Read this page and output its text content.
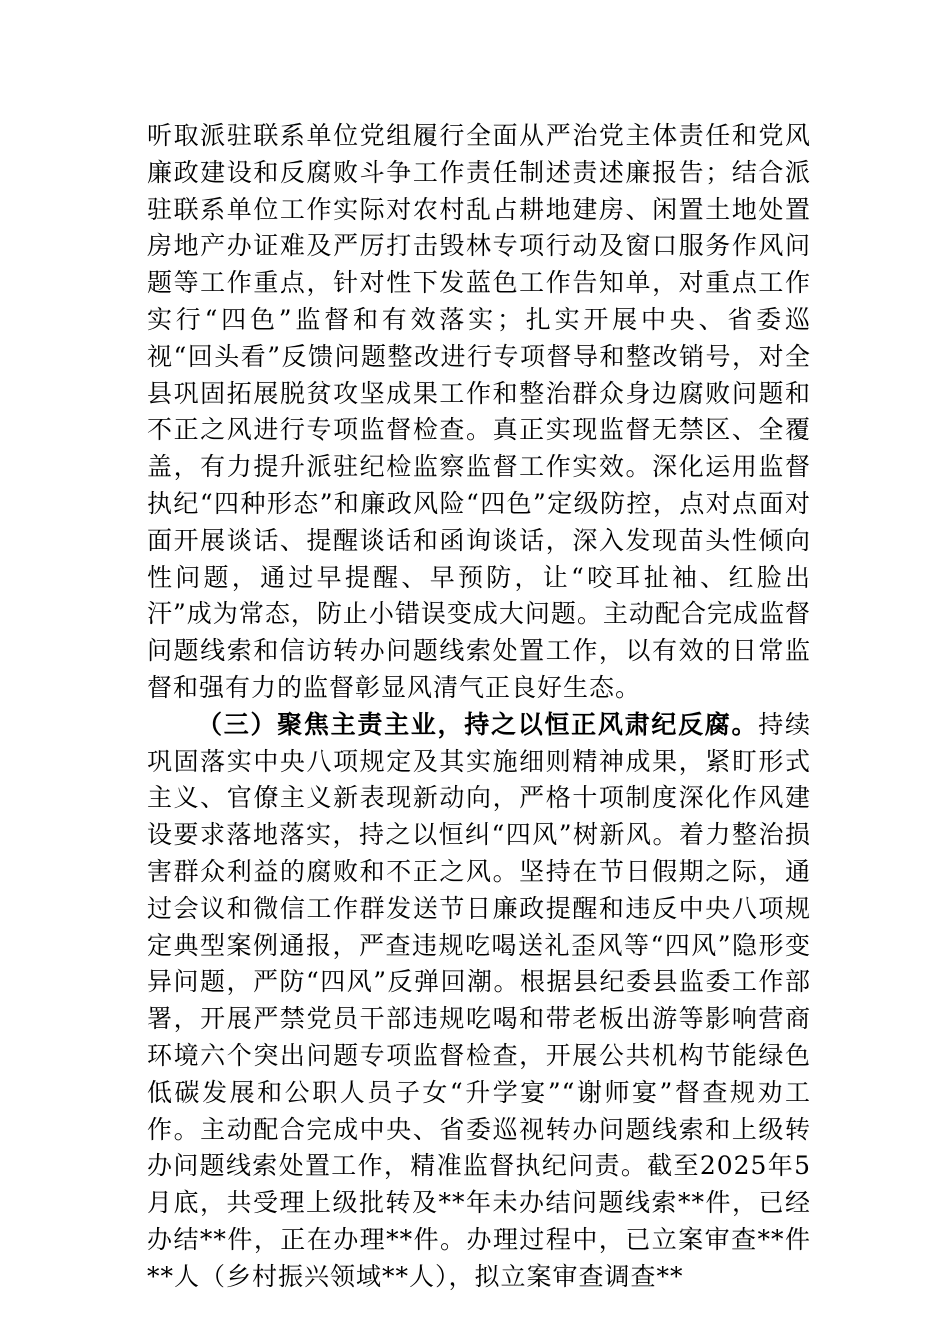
听取派驻联系单位党组履行全面从严治党主体责任和党风廉政建设和反腐败斗争工作责任制述责述廉报告；结合派驻联系单位工作实际对农村乱占耕地建房、闲置土地处置房地产办证难及严厉打击毁林专项行动及窗口服务作风问题等工作重点，针对性下发蓝色工作告知单，对重点工作实行“四色”监督和有效落实；扎实开展中央、省委巡视“回头看”反馈问题整改进行专项督导和整改销号，对全县巩固拓展脱贫攻坚成果工作和整治群众身边腐败问题和不正之风进行专项监督检查。真正实现监督无禁区、全覆盖，有力提升派驻纪检监察监督工作实效。深化运用监督执纪“四种形态”和廉政风险“四色”定级防控，点对点面对面开展谈话、提醒谈话和函询谈话，深入发现苗头性倾向性问题，通过早提醒、早预防，让“咬耳扯袖、红脸出汗”成为常态，防止小错误变成大问题。主动配合完成监督问题线索和信访转办问题线索处置工作，以有效的日常监督和强有力的监督彰显风清气正良好生态。

（三）聚焦主责主业，持之以恒正风肃纪反腐。持续巩固落实中央八项规定及其实施细则精神成果，紧盯形式主义、官僚主义新表现新动向，严格十项制度深化作风建设要求落地落实，持之以恒纠“四风”树新风。着力整治损害群众利益的腐败和不正之风。坚持在节日假期之际，通过会议和微信工作群发送节日廉政提醒和违反中央八项规定典型案例通报，严查违规吃喝送礼歪风等“四风”隐形变异问题，严防“四风”反弹回潮。根据县纪委县监委工作部署，开展严禁党员干部违规吃喝和带老板出游等影响营商环境六个突出问题专项监督检查，开展公共机构节能绿色低碳发展和公职人员子女“升学宴”“谢师宴”督查规劝工作。主动配合完成中央、省委巡视转办问题线索和上级转办问题线索处置工作，精准监督执纪问责。截至2025年5月底，共受理上级批转及**年未办结问题线索**件，已经办结**件，正在办理**件。办理过程中，已立案审查**件**人（乡村振兴领域**人），拟立案审查调查**
